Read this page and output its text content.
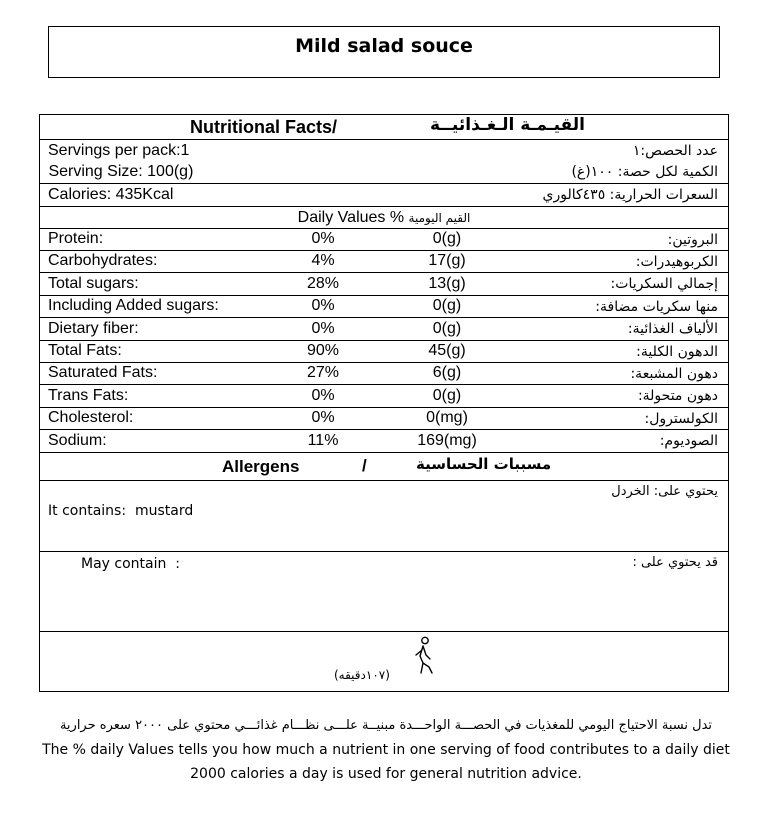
Mild salad souce
Nutritional Facts/	القيـمـة الـغـذائيــة
Servings per pack:1	عدد الحصص:١
Serving Size: 100(g)	الكمية لكل حصة: ١٠٠(غ)
Calories: 435Kcal	السعرات الحرارية: ٤٣٥كالوري
Daily Values % القيم اليومية
Protein:	0%	0(g)	البروتين:
Carbohydrates:	4%	17(g)	الكربوهيدرات:
Total sugars:	28%	13(g)	إجمالي السكريات:
Including Added sugars:	0%	0(g)	منها سكريات مضافة:
Dietary fiber:	0%	0(g)	الألياف الغذائية:
Total Fats:	90%	45(g)	الدهون الكلية:
Saturated Fats:	27%	6(g)	دهون المشبعة:
Trans Fats:	0%	0(g)	دهون متحولة:
Cholesterol:	0%	0(mg)	الكولسترول:
Sodium:	11%	169(mg)	الصوديوم:
Allergens	/	مسببات الحساسية
يحتوي على: الخردل
It contains:  mustard
May contain  :	قد يحتوي على :
(١٠٧دقيقه)
تدل نسبة الاحتياج اليومي للمغذيات في الحصـــة الواحـــدة مبنيــة علـــى نظـــام غذائـــي محتوي على ٢٠٠٠ سعره حرارية
The % daily Values tells you how much a nutrient in one serving of food contributes to a daily diet
2000 calories a day is used for general nutrition advice.
